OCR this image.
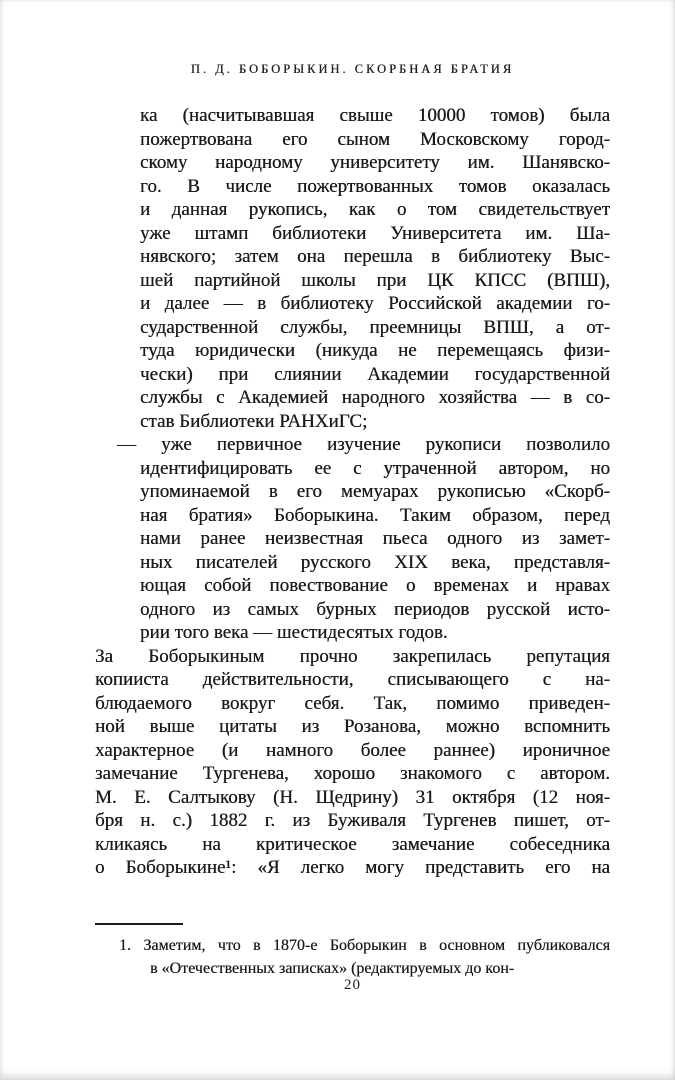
П. Д. БОБОРЫКИН. СКОРБНАЯ БРАТИЯ
ка (насчитывавшая свыше 10000 томов) была
пожертвована его сыном Московскому город-
скому народному университету им. Шанявско-
го. В числе пожертвованных томов оказалась
и данная рукопись, как о том свидетельствует
уже штамп библиотеки Университета им. Ша-
нявского; затем она перешла в библиотеку Выс-
шей партийной школы при ЦК КПСС (ВПШ),
и далее — в библиотеку Российской академии го-
сударственной службы, преемницы ВПШ, а от-
туда юридически (никуда не перемещаясь физи-
чески) при слиянии Академии государственной
службы с Академией народного хозяйства — в со-
став Библиотеки РАНХиГС;
— уже первичное изучение рукописи позволило
идентифицировать ее с утраченной автором, но
упоминаемой в его мемуарах рукописью «Скорб-
ная братия» Боборыкина. Таким образом, перед
нами ранее неизвестная пьеса одного из замет-
ных писателей русского XIX века, представля-
ющая собой повествование о временах и нравах
одного из самых бурных периодов русской исто-
рии того века — шестидесятых годов.
За Боборыкиным прочно закрепилась репутация
копииста действительности, списывающего с на-
блюдаемого вокруг себя. Так, помимо приведен-
ной выше цитаты из Розанова, можно вспомнить
характерное (и намного более раннее) ироничное
замечание Тургенева, хорошо знакомого с автором.
М. Е. Салтыкову (Н. Щедрину) 31 октября (12 ноя-
бря н. с.) 1882 г. из Буживаля Тургенев пишет, от-
кликаясь на критическое замечание собеседника
о Боборыкине¹: «Я легко могу представить его на
1. Заметим, что в 1870-е Боборыкин в основном публиковался
в «Отечественных записках» (редактируемых до кон-
20
